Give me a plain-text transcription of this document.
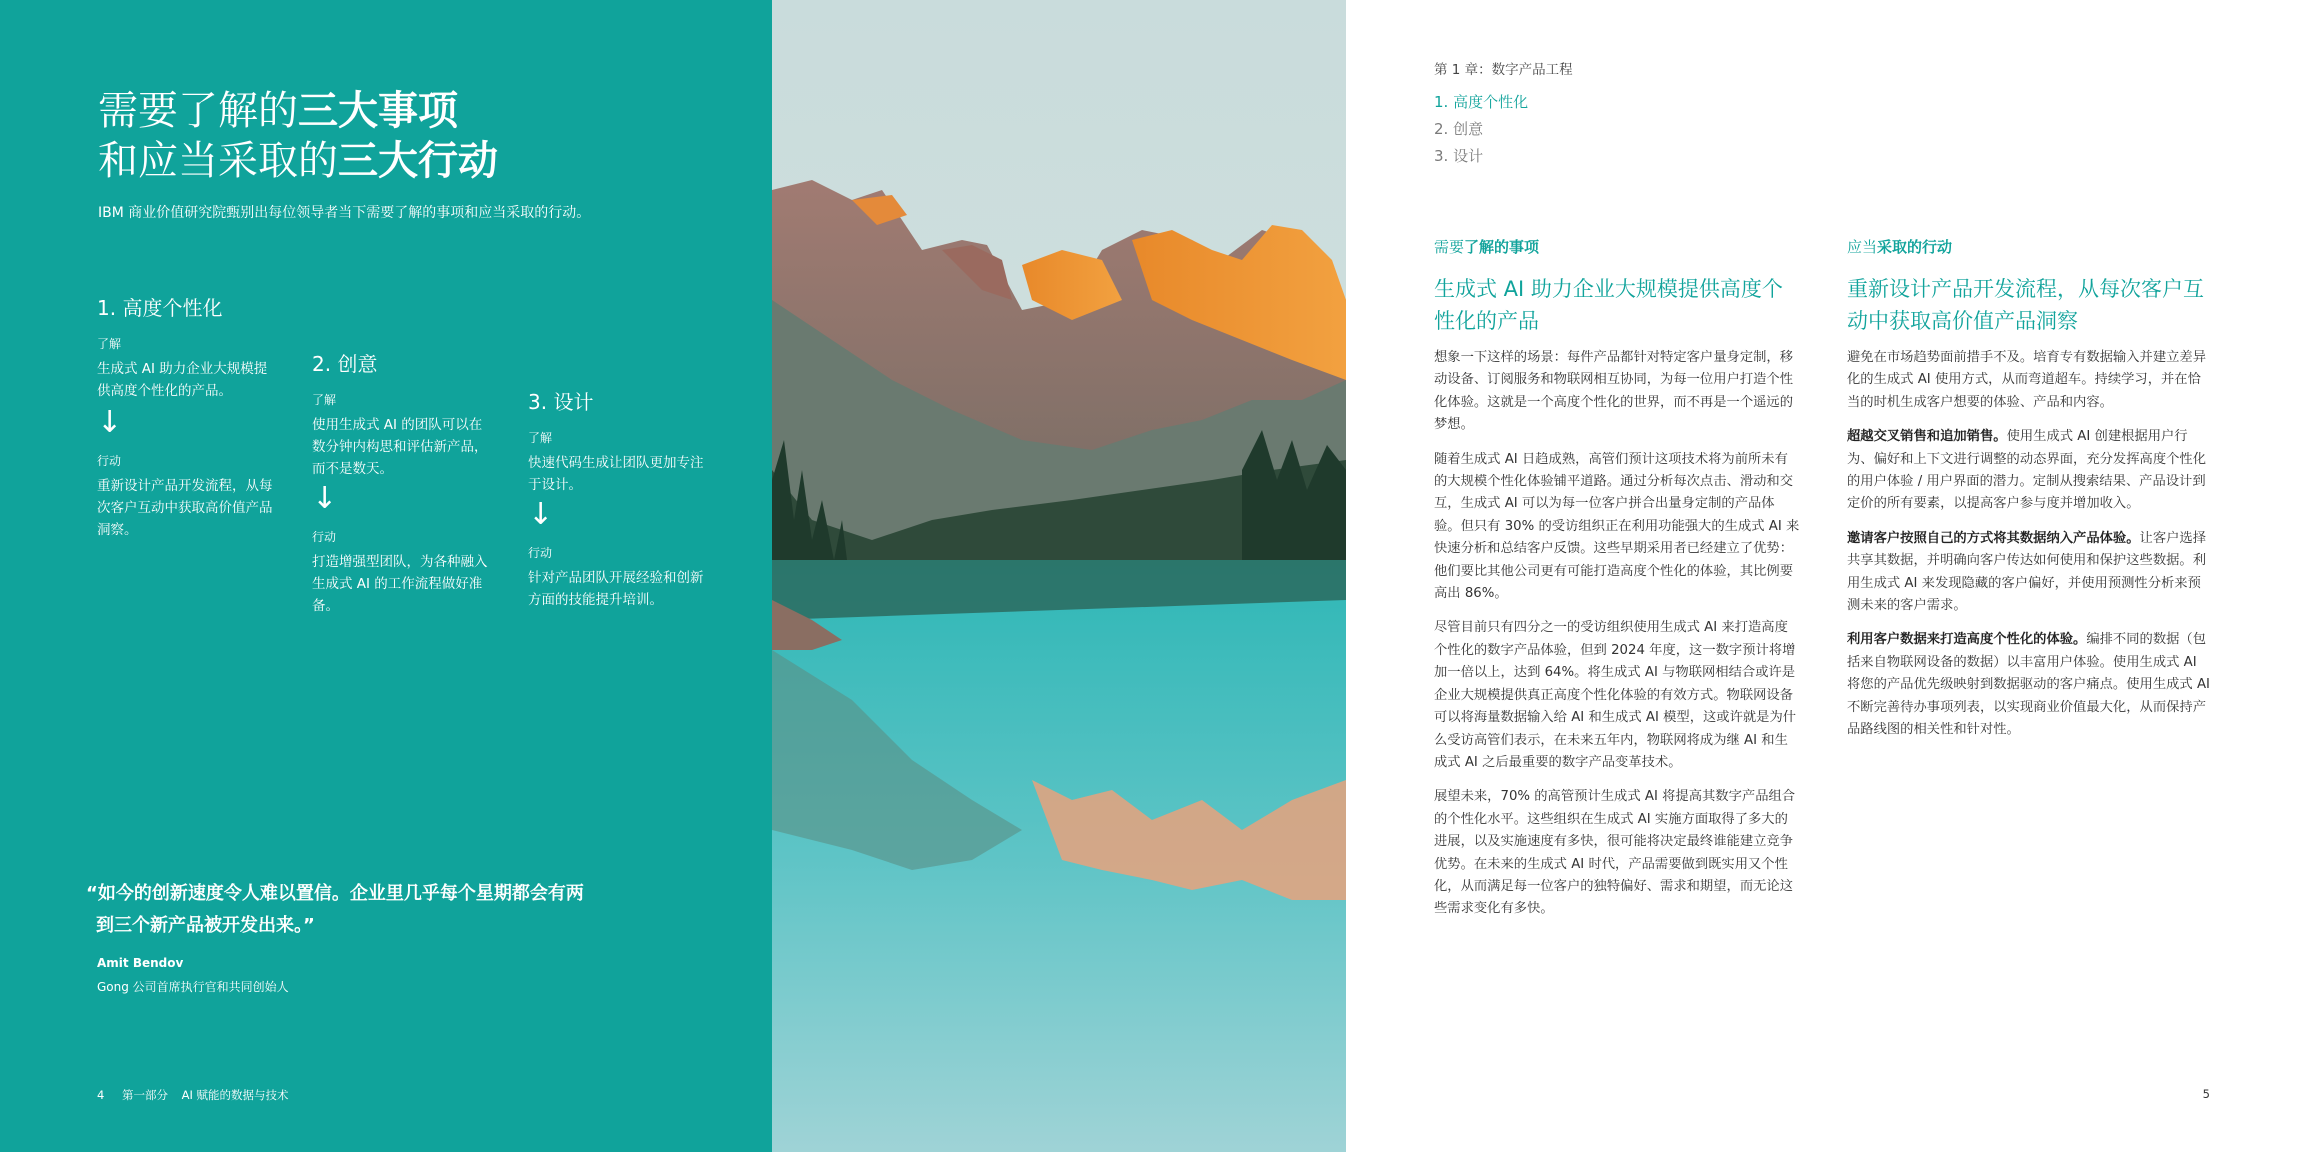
需要了解的三大事项
和应当采取的三大行动
IBM 商业价值研究院甄别出每位领导者当下需要了解的事项和应当采取的行动。
1. 高度个性化
了解
生成式 AI 助力企业大规模提供高度个性化的产品。
↓
行动
重新设计产品开发流程，从每次客户互动中获取高价值产品洞察。
2. 创意
了解
使用生成式 AI 的团队可以在数分钟内构思和评估新产品，而不是数天。
↓
行动
打造增强型团队，为各种融入生成式 AI 的工作流程做好准备。
3. 设计
了解
快速代码生成让团队更加专注于设计。
↓
行动
针对产品团队开展经验和创新方面的技能提升培训。
“如今的创新速度令人难以置信。企业里几乎每个星期都会有两
到三个新产品被开发出来。”
Amit Bendov
Gong 公司首席执行官和共同创始人
4 第一部分 AI 赋能的数据与技术
第 1 章：数字产品工程
1. 高度个性化
2. 创意
3. 设计
需要了解的事项
生成式 AI 助力企业大规模提供高度个性化的产品

想象一下这样的场景：每件产品都针对特定客户量身定制，移动设备、订阅服务和物联网相互协同，为每一位用户打造个性化体验。这就是一个高度个性化的世界，而不再是一个遥远的梦想。

随着生成式 AI 日趋成熟，高管们预计这项技术将为前所未有的大规模个性化体验铺平道路。通过分析每次点击、滑动和交互，生成式 AI 可以为每一位客户拼合出量身定制的产品体验。但只有 30% 的受访组织正在利用功能强大的生成式 AI 来快速分析和总结客户反馈。这些早期采用者已经建立了优势：他们要比其他公司更有可能打造高度个性化的体验，其比例要高出 86%。

尽管目前只有四分之一的受访组织使用生成式 AI 来打造高度个性化的数字产品体验，但到 2024 年度，这一数字预计将增加一倍以上，达到 64%。将生成式 AI 与物联网相结合或许是企业大规模提供真正高度个性化体验的有效方式。物联网设备可以将海量数据输入给 AI 和生成式 AI 模型，这或许就是为什么受访高管们表示，在未来五年内，物联网将成为继 AI 和生成式 AI 之后最重要的数字产品变革技术。

展望未来，70% 的高管预计生成式 AI 将提高其数字产品组合的个性化水平。这些组织在生成式 AI 实施方面取得了多大的进展，以及实施速度有多快，很可能将决定最终谁能建立竞争优势。在未来的生成式 AI 时代，产品需要做到既实用又个性化，从而满足每一位客户的独特偏好、需求和期望，而无论这些需求变化有多快。

应当采取的行动
重新设计产品开发流程，从每次客户互动中获取高价值产品洞察

避免在市场趋势面前措手不及。培育专有数据输入并建立差异化的生成式 AI 使用方式，从而弯道超车。持续学习，并在恰当的时机生成客户想要的体验、产品和内容。

超越交叉销售和追加销售。使用生成式 AI 创建根据用户行为、偏好和上下文进行调整的动态界面，充分发挥高度个性化的用户体验 / 用户界面的潜力。定制从搜索结果、产品设计到定价的所有要素，以提高客户参与度并增加收入。

邀请客户按照自己的方式将其数据纳入产品体验。让客户选择共享其数据，并明确向客户传达如何使用和保护这些数据。利用生成式 AI 来发现隐藏的客户偏好，并使用预测性分析来预测未来的客户需求。

利用客户数据来打造高度个性化的体验。编排不同的数据（包括来自物联网设备的数据）以丰富用户体验。使用生成式 AI 将您的产品优先级映射到数据驱动的客户痛点。使用生成式 AI 不断完善待办事项列表，以实现商业价值最大化，从而保持产品路线图的相关性和针对性。

5
